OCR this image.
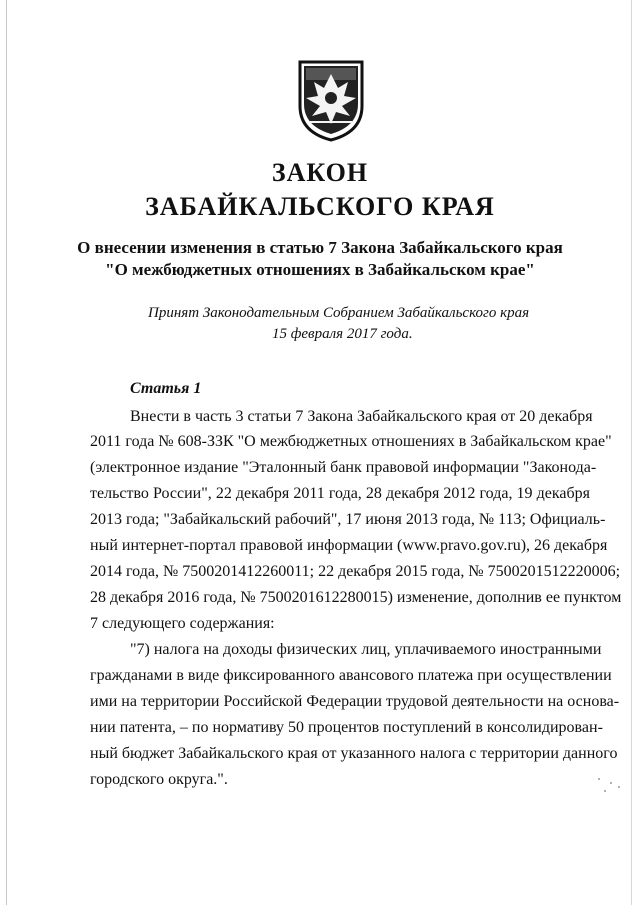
ЗАКОН
ЗАБАЙКАЛЬСКОГО КРАЯ
О внесении изменения в статью 7 Закона Забайкальского края
"О межбюджетных отношениях в Забайкальском крае"
Принят Законодательным Собранием Забайкальского края
15 февраля 2017 года.
Статья 1
Внести в часть 3 статьи 7 Закона Забайкальского края от 20 декабря
2011 года № 608-ЗЗК "О межбюджетных отношениях в Забайкальском крае"
(электронное издание "Эталонный банк правовой информации "Законода-
тельство России", 22 декабря 2011 года, 28 декабря 2012 года, 19 декабря
2013 года; "Забайкальский рабочий", 17 июня 2013 года, № 113; Официаль-
ный интернет-портал правовой информации (www.pravo.gov.ru), 26 декабря
2014 года, № 7500201412260011; 22 декабря 2015 года, № 7500201512220006;
28 декабря 2016 года, № 7500201612280015) изменение, дополнив ее пунктом
7 следующего содержания:
"7) налога на доходы физических лиц, уплачиваемого иностранными
гражданами в виде фиксированного авансового платежа при осуществлении
ими на территории Российской Федерации трудовой деятельности на основа-
нии патента, – по нормативу 50 процентов поступлений в консолидирован-
ный бюджет Забайкальского края от указанного налога с территории данного
городского округа.".
